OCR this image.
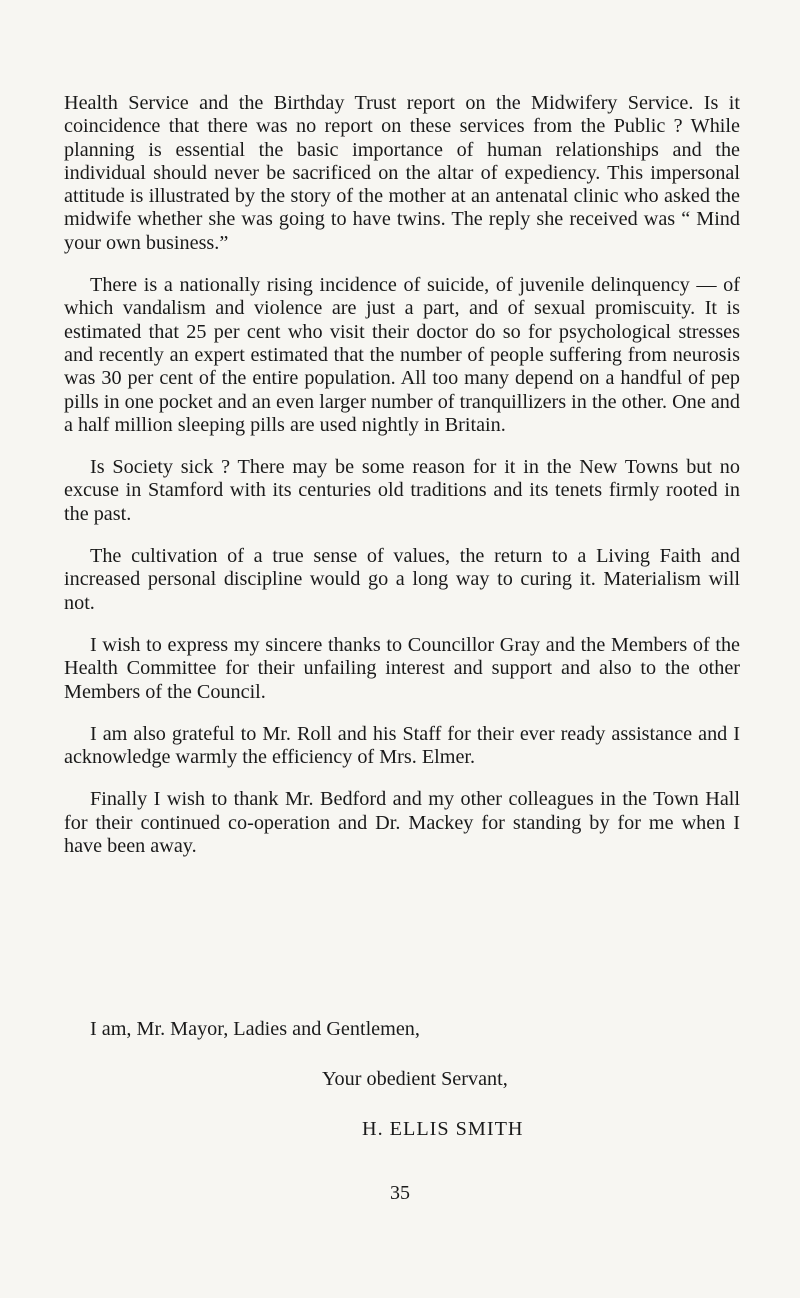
Health Service and the Birthday Trust report on the Midwifery Service. Is it coincidence that there was no report on these services from the Public ? While planning is essential the basic importance of human relationships and the individual should never be sacrificed on the altar of expediency. This impersonal attitude is illustrated by the story of the mother at an antenatal clinic who asked the midwife whether she was going to have twins. The reply she received was “ Mind your own business.”

There is a nationally rising incidence of suicide, of juvenile delinquency — of which vandalism and violence are just a part, and of sexual promiscuity. It is estimated that 25 per cent who visit their doctor do so for psychological stresses and recently an expert estimated that the number of people suffering from neurosis was 30 per cent of the entire population. All too many depend on a handful of pep pills in one pocket and an even larger number of tranquillizers in the other. One and a half million sleeping pills are used nightly in Britain.

Is Society sick ? There may be some reason for it in the New Towns but no excuse in Stamford with its centuries old traditions and its tenets firmly rooted in the past.

The cultivation of a true sense of values, the return to a Living Faith and increased personal discipline would go a long way to curing it. Materialism will not.

I wish to express my sincere thanks to Councillor Gray and the Members of the Health Committee for their unfailing interest and support and also to the other Members of the Council.

I am also grateful to Mr. Roll and his Staff for their ever ready assistance and I acknowledge warmly the efficiency of Mrs. Elmer.

Finally I wish to thank Mr. Bedford and my other colleagues in the Town Hall for their continued co-operation and Dr. Mackey for standing by for me when I have been away.

I am, Mr. Mayor, Ladies and Gentlemen,

Your obedient Servant,

H. ELLIS SMITH

35
